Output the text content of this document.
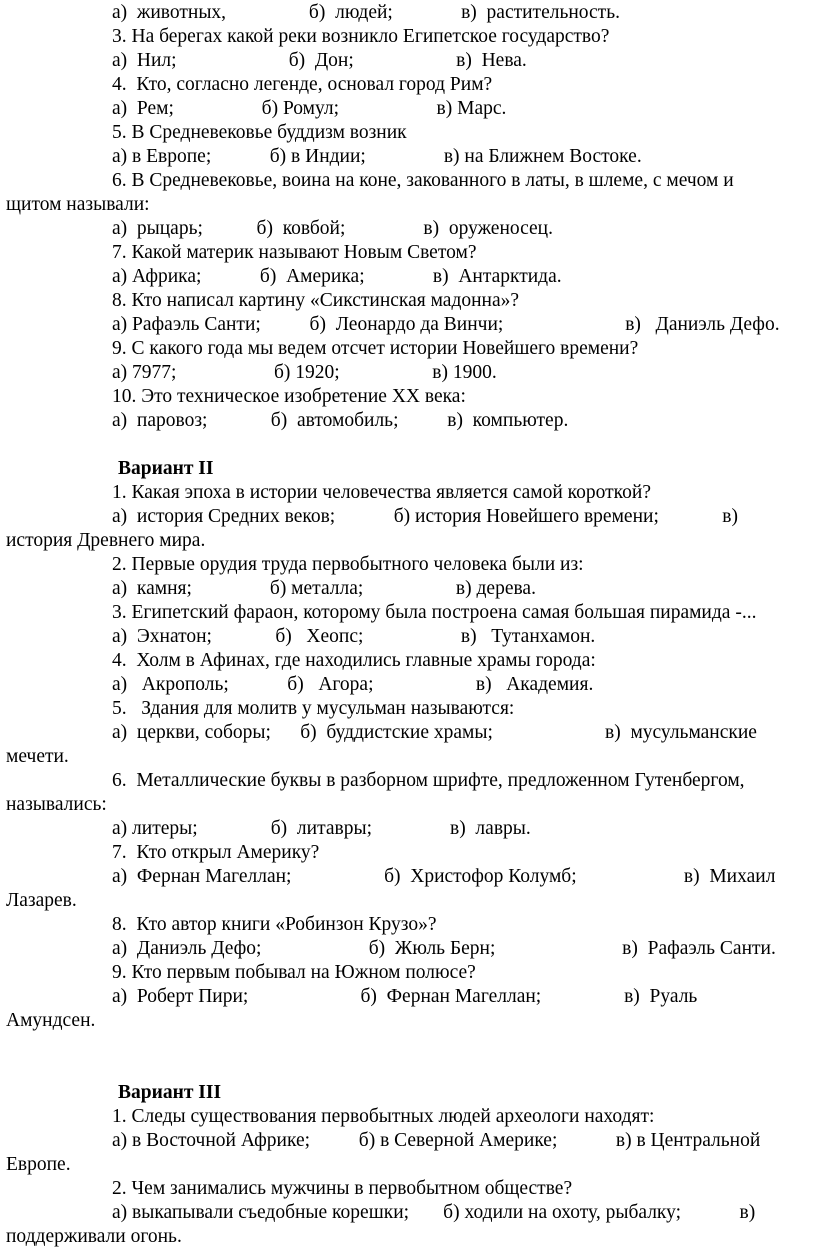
а)  животных,                 б)  людей;              в)  растительность.
3. На берегах какой реки возникло Египетское государство?
а)  Нил;                       б)  Дон;                     в)  Нева.
4.  Кто, согласно легенде, основал город Рим?
а)  Рем;                  б) Ромул;                    в) Марс.
5. В Средневековье буддизм возник
а) в Европе;            б) в Индии;                в) на Ближнем Востоке.
6. В Средневековье, воина на коне, закованного в латы, в шлеме, с мечом и
щитом называли:
а)  рыцарь;           б)  ковбой;                в)  оруженосец.
7. Какой материк называют Новым Светом?
а) Африка;            б)  Америка;              в)  Антарктида.
8. Кто написал картину «Сикстинская мадонна»?
а) Рафаэль Санти;          б)  Леонардо да Винчи;                         в)   Даниэль Дефо.
9. С какого года мы ведем отсчет истории Новейшего времени?
а) 7977;                    б) 1920;                   в) 1900.
10. Это техническое изобретение XX века:
а)  паровоз;             б)  автомобиль;          в)  компьютер.
Вариант II
1. Какая эпоха в истории человечества является самой короткой?
а)  история Средних веков;            б) история Новейшего времени;             в)
история Древнего мира.
2. Первые орудия труда первобытного человека были из:
а)  камня;                б) металла;                   в) дерева.
3. Египетский фараон, которому была построена самая большая пирамида -...
а)  Эхнатон;             б)   Хеопс;                    в)   Тутанхамон.
4.  Холм в Афинах, где находились главные храмы города:
а)   Акрополь;            б)   Агора;                     в)   Академия.
5.   Здания для молитв у мусульман называются:
а)  церкви, соборы;      б)  буддистские храмы;                       в)  мусульманские
мечети.
6.  Металлические буквы в разборном шрифте, предложенном Гутенбергом,
назывались:
а) литеры;               б)  литавры;                в)  лавры.
7.  Кто открыл Америку?
а)  Фернан Магеллан;                   б)  Христофор Колумб;                      в)  Михаил
Лазарев.
8.  Кто автор книги «Робинзон Крузо»?
а)  Даниэль Дефо;                      б)  Жюль Берн;                          в)  Рафаэль Санти.
9. Кто первым побывал на Южном полюсе?
а)  Роберт Пири;                       б)  Фернан Магеллан;                 в)  Руаль
Амундсен.
Вариант III
1. Следы существования первобытных людей археологи находят:
а) в Восточной Африке;          б) в Северной Америке;            в) в Центральной
Европе.
2. Чем занимались мужчины в первобытном обществе?
а) выкапывали съедобные корешки;       б) ходили на охоту, рыбалку;            в)
поддерживали огонь.
